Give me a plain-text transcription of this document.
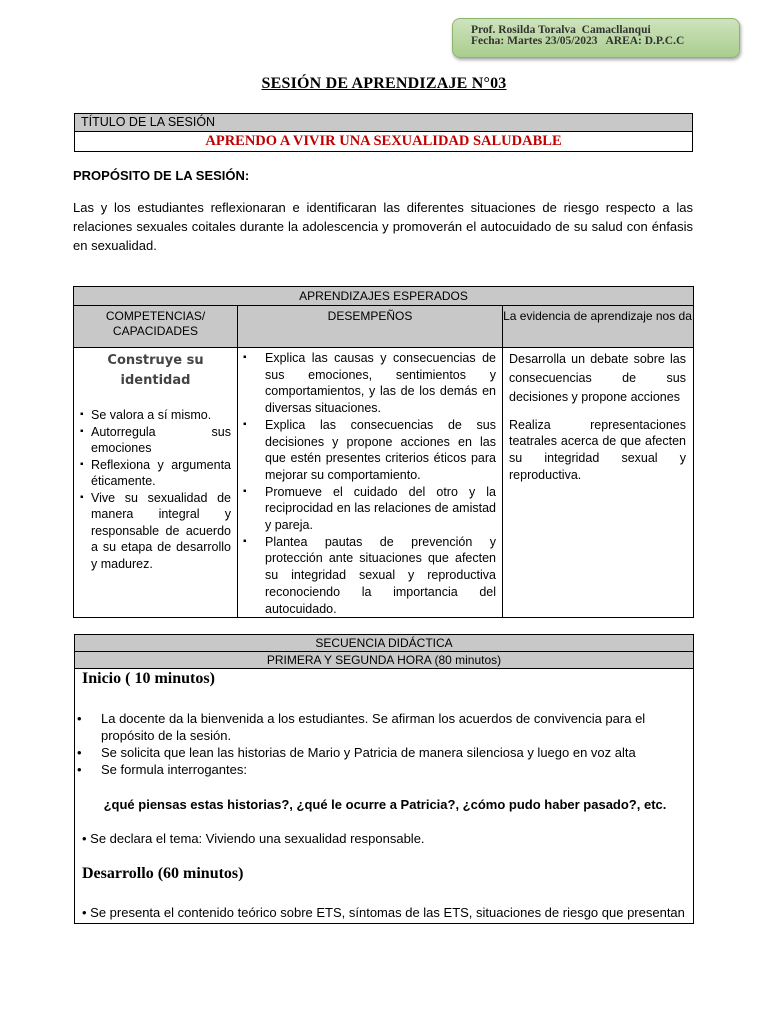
Prof. Rosilda Toralva  Camacllanqui
Fecha: Martes 23/05/2023   AREA: D.P.C.C
SESIÓN DE APRENDIZAJE N°03
TÍTULO DE LA SESIÓN
APRENDO A VIVIR UNA SEXUALIDAD SALUDABLE
PROPÓSITO DE LA SESIÓN:
Las y los estudiantes reflexionaran e identificaran las diferentes situaciones de riesgo respecto a las relaciones sexuales coitales durante la adolescencia y promoverán el autocuidado de su salud con énfasis en sexualidad.
APRENDIZAJES ESPERADOS
COMPETENCIAS/ CAPACIDADES
DESEMPEÑOS	La evidencia de aprendizaje nos da
Construye su identidad
▪ Se valora a sí mismo.
▪ Autorregula sus emociones
▪ Reflexiona y argumenta éticamente.
▪ Vive su sexualidad de manera integral y responsable de acuerdo a su etapa de desarrollo y madurez.
▪ Explica las causas y consecuencias de sus emociones, sentimientos y comportamientos, y las de los demás en diversas situaciones.
▪ Explica las consecuencias de sus decisiones y propone acciones en las que estén presentes criterios éticos para mejorar su comportamiento.
▪ Promueve el cuidado del otro y la reciprocidad en las relaciones de amistad y pareja.
▪ Plantea pautas de prevención y protección ante situaciones que afecten su integridad sexual y reproductiva reconociendo la importancia del autocuidado.

Desarrolla un debate sobre las consecuencias de sus decisiones y propone acciones

Realiza representaciones teatrales acerca de que afecten su integridad sexual y reproductiva.

SECUENCIA DIDÁCTICA
PRIMERA Y SEGUNDA HORA (80 minutos)
Inicio ( 10 minutos)
• La docente da la bienvenida a los estudiantes. Se afirman los acuerdos de convivencia para el propósito de la sesión.
• Se solicita que lean las historias de Mario y Patricia de manera silenciosa y luego en voz alta
• Se formula interrogantes:
¿qué piensas estas historias?, ¿qué le ocurre a Patricia?, ¿cómo pudo haber pasado?, etc.
• Se declara el tema: Viviendo una sexualidad responsable.
Desarrollo (60 minutos)
• Se presenta el contenido teórico sobre ETS, síntomas de las ETS, situaciones de riesgo que presentan
